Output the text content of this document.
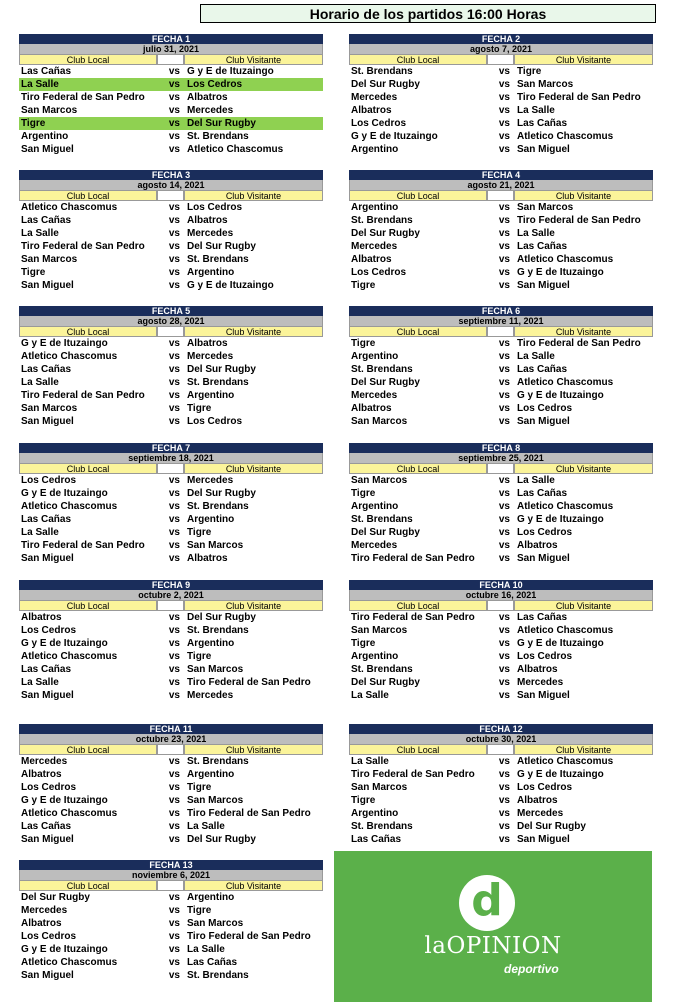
Horario de los partidos 16:00 Horas
FECHA 1
julio 31, 2021
Club Local	Club Visitante
Las Cañas	vs G y E de Ituzaingo
La Salle	vs Los Cedros
Tiro Federal de San Pedro	vs Albatros
San Marcos	vs Mercedes
Tigre	vs Del Sur Rugby
Argentino	vs St. Brendans
San Miguel	vs Atletico Chascomus
FECHA 2
agosto 7, 2021
Club Local	Club Visitante
St. Brendans	vs Tigre
Del Sur Rugby	vs San Marcos
Mercedes	vs Tiro Federal de San Pedro
Albatros	vs La Salle
Los Cedros	vs Las Cañas
G y E de Ituzaingo	vs Atletico Chascomus
Argentino	vs San Miguel
FECHA 3
agosto 14, 2021
Club Local	Club Visitante
Atletico Chascomus	vs Los Cedros
Las Cañas	vs Albatros
La Salle	vs Mercedes
Tiro Federal de San Pedro	vs Del Sur Rugby
San Marcos	vs St. Brendans
Tigre	vs Argentino
San Miguel	vs G y E de Ituzaingo
FECHA 4
agosto 21, 2021
Club Local	Club Visitante
Argentino	vs San Marcos
St. Brendans	vs Tiro Federal de San Pedro
Del Sur Rugby	vs La Salle
Mercedes	vs Las Cañas
Albatros	vs Atletico Chascomus
Los Cedros	vs G y E de Ituzaingo
Tigre	vs San Miguel
FECHA 5
agosto 28, 2021
Club Local	Club Visitante
G y E de Ituzaingo	vs Albatros
Atletico Chascomus	vs Mercedes
Las Cañas	vs Del Sur Rugby
La Salle	vs St. Brendans
Tiro Federal de San Pedro	vs Argentino
San Marcos	vs Tigre
San Miguel	vs Los Cedros
FECHA 6
septiembre 11, 2021
Club Local	Club Visitante
Tigre	vs Tiro Federal de San Pedro
Argentino	vs La Salle
St. Brendans	vs Las Cañas
Del Sur Rugby	vs Atletico Chascomus
Mercedes	vs G y E de Ituzaingo
Albatros	vs Los Cedros
San Marcos	vs San Miguel
FECHA 7
septiembre 18, 2021
Club Local	Club Visitante
Los Cedros	vs Mercedes
G y E de Ituzaingo	vs Del Sur Rugby
Atletico Chascomus	vs St. Brendans
Las Cañas	vs Argentino
La Salle	vs Tigre
Tiro Federal de San Pedro	vs San Marcos
San Miguel	vs Albatros
FECHA 8
septiembre 25, 2021
Club Local	Club Visitante
San Marcos	vs La Salle
Tigre	vs Las Cañas
Argentino	vs Atletico Chascomus
St. Brendans	vs G y E de Ituzaingo
Del Sur Rugby	vs Los Cedros
Mercedes	vs Albatros
Tiro Federal de San Pedro	vs San Miguel
FECHA 9
octubre 2, 2021
Club Local	Club Visitante
Albatros	vs Del Sur Rugby
Los Cedros	vs St. Brendans
G y E de Ituzaingo	vs Argentino
Atletico Chascomus	vs Tigre
Las Cañas	vs San Marcos
La Salle	vs Tiro Federal de San Pedro
San Miguel	vs Mercedes
FECHA 10
octubre 16, 2021
Club Local	Club Visitante
Tiro Federal de San Pedro	vs Las Cañas
San Marcos	vs Atletico Chascomus
Tigre	vs G y E de Ituzaingo
Argentino	vs Los Cedros
St. Brendans	vs Albatros
Del Sur Rugby	vs Mercedes
La Salle	vs San Miguel
FECHA 11
octubre 23, 2021
Club Local	Club Visitante
Mercedes	vs St. Brendans
Albatros	vs Argentino
Los Cedros	vs Tigre
G y E de Ituzaingo	vs San Marcos
Atletico Chascomus	vs Tiro Federal de San Pedro
Las Cañas	vs La Salle
San Miguel	vs Del Sur Rugby
FECHA 12
octubre 30, 2021
Club Local	Club Visitante
La Salle	vs Atletico Chascomus
Tiro Federal de San Pedro	vs G y E de Ituzaingo
San Marcos	vs Los Cedros
Tigre	vs Albatros
Argentino	vs Mercedes
St. Brendans	vs Del Sur Rugby
Las Cañas	vs San Miguel
FECHA 13
noviembre 6, 2021
Club Local	Club Visitante
Del Sur Rugby	vs Argentino
Mercedes	vs Tigre
Albatros	vs San Marcos
Los Cedros	vs Tiro Federal de San Pedro
G y E de Ituzaingo	vs La Salle
Atletico Chascomus	vs Las Cañas
San Miguel	vs St. Brendans
d
laOPINION
deportivo
